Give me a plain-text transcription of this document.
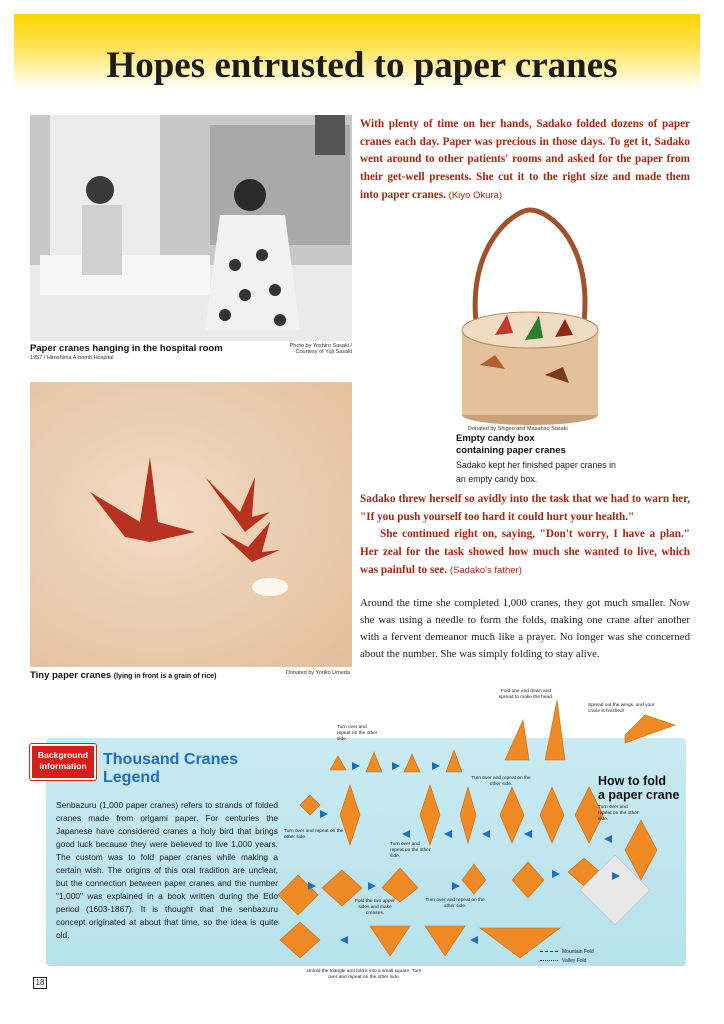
Hopes entrusted to paper cranes
Paper cranes hanging in the hospital room
1957 / Hiroshima A-bomb Hospital
Photo by Yoshiro Sasaki / Courtesy of Yuji Sasaki
With plenty of time on her hands, Sadako folded dozens of paper cranes each day. Paper was precious in those days. To get it, Sadako went around to other patients' rooms and asked for the paper from their get-well presents. She cut it to the right size and made them into paper cranes. (Kiyo Okura)
Donated by Shigeo and Masahiro Sasaki
Empty candy box
containing paper cranes
Sadako kept her finished paper cranes in an empty candy box.

Sadako threw herself so avidly into the task that we had to warn her, "If you push yourself too hard it could hurt your health."

She continued right on, saying, "Don't worry, I have a plan." Her zeal for the task showed how much she wanted to live, which was painful to see. (Sadako's father)

Around the time she completed 1,000 cranes, they got much smaller. Now she was using a needle to form the folds, making one crane after another with a fervent demeanor much like a prayer. No longer was she concerned about the number. She was simply folding to stay alive.
Tiny paper cranes (lying in front is a grain of rice)	Donated by Yoriko Umeda
Background
information	Thousand Cranes
Legend
Senbazuru (1,000 paper cranes) refers to strands of folded cranes made from origami paper. For centuries the Japanese have considered cranes a holy bird that brings good luck because they were believed to live 1,000 years. The custom was to fold paper cranes while making a certain wish. The origins of this oral tradition are unclear, but the connection between paper cranes and the number "1,000" was explained in a book written during the Edo period (1603-1867). It is thought that the senbazuru concept originated at about that time, so the idea is quite old.
How to fold
a paper crane
Turn over and repeat on the other side.
Fold one end down and spread to make the head.
Spread out the wings, and your crane is finished!
Turn over and repeat on the other side.
Turn over and repeat on the other side.
Turn over and repeat on the other side.
Turn over and repeat on the other side.
Fold the two upper sides and make creases.
Turn over and repeat on the other side.
Unfold the triangle and fold it into a small square. Turn over and repeat on the other side.
Mountain Fold
Valley Fold
18
